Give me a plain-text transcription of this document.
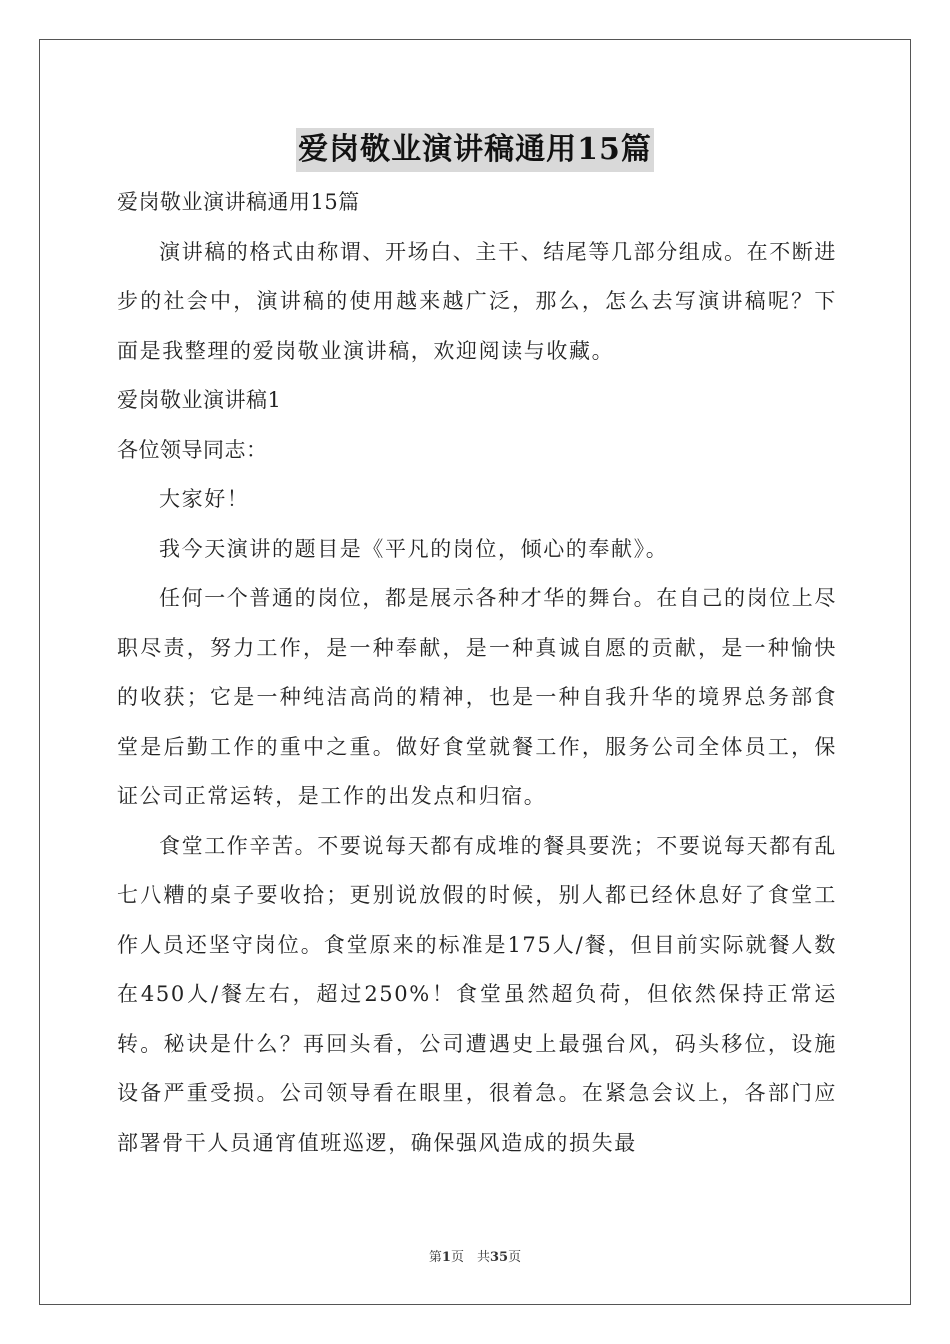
爱岗敬业演讲稿通用15篇

爱岗敬业演讲稿通用15篇

演讲稿的格式由称谓、开场白、主干、结尾等几部分组成。在不断进步的社会中，演讲稿的使用越来越广泛，那么，怎么去写演讲稿呢？下面是我整理的爱岗敬业演讲稿，欢迎阅读与收藏。

爱岗敬业演讲稿1

各位领导同志：

大家好！

我今天演讲的题目是《平凡的岗位，倾心的奉献》。

任何一个普通的岗位，都是展示各种才华的舞台。在自己的岗位上尽职尽责，努力工作，是一种奉献，是一种真诚自愿的贡献，是一种愉快的收获；它是一种纯洁高尚的精神，也是一种自我升华的境界总务部食堂是后勤工作的重中之重。做好食堂就餐工作，服务公司全体员工，保证公司正常运转，是工作的出发点和归宿。

食堂工作辛苦。不要说每天都有成堆的餐具要洗；不要说每天都有乱七八糟的桌子要收拾；更别说放假的时候，别人都已经休息好了食堂工作人员还坚守岗位。食堂原来的标准是175人/餐，但目前实际就餐人数在450人/餐左右，超过250%！食堂虽然超负荷，但依然保持正常运转。秘诀是什么？再回头看，公司遭遇史上最强台风，码头移位，设施设备严重受损。公司领导看在眼里，很着急。在紧急会议上，各部门应部署骨干人员通宵值班巡逻，确保强风造成的损失最

第1页　共35页
